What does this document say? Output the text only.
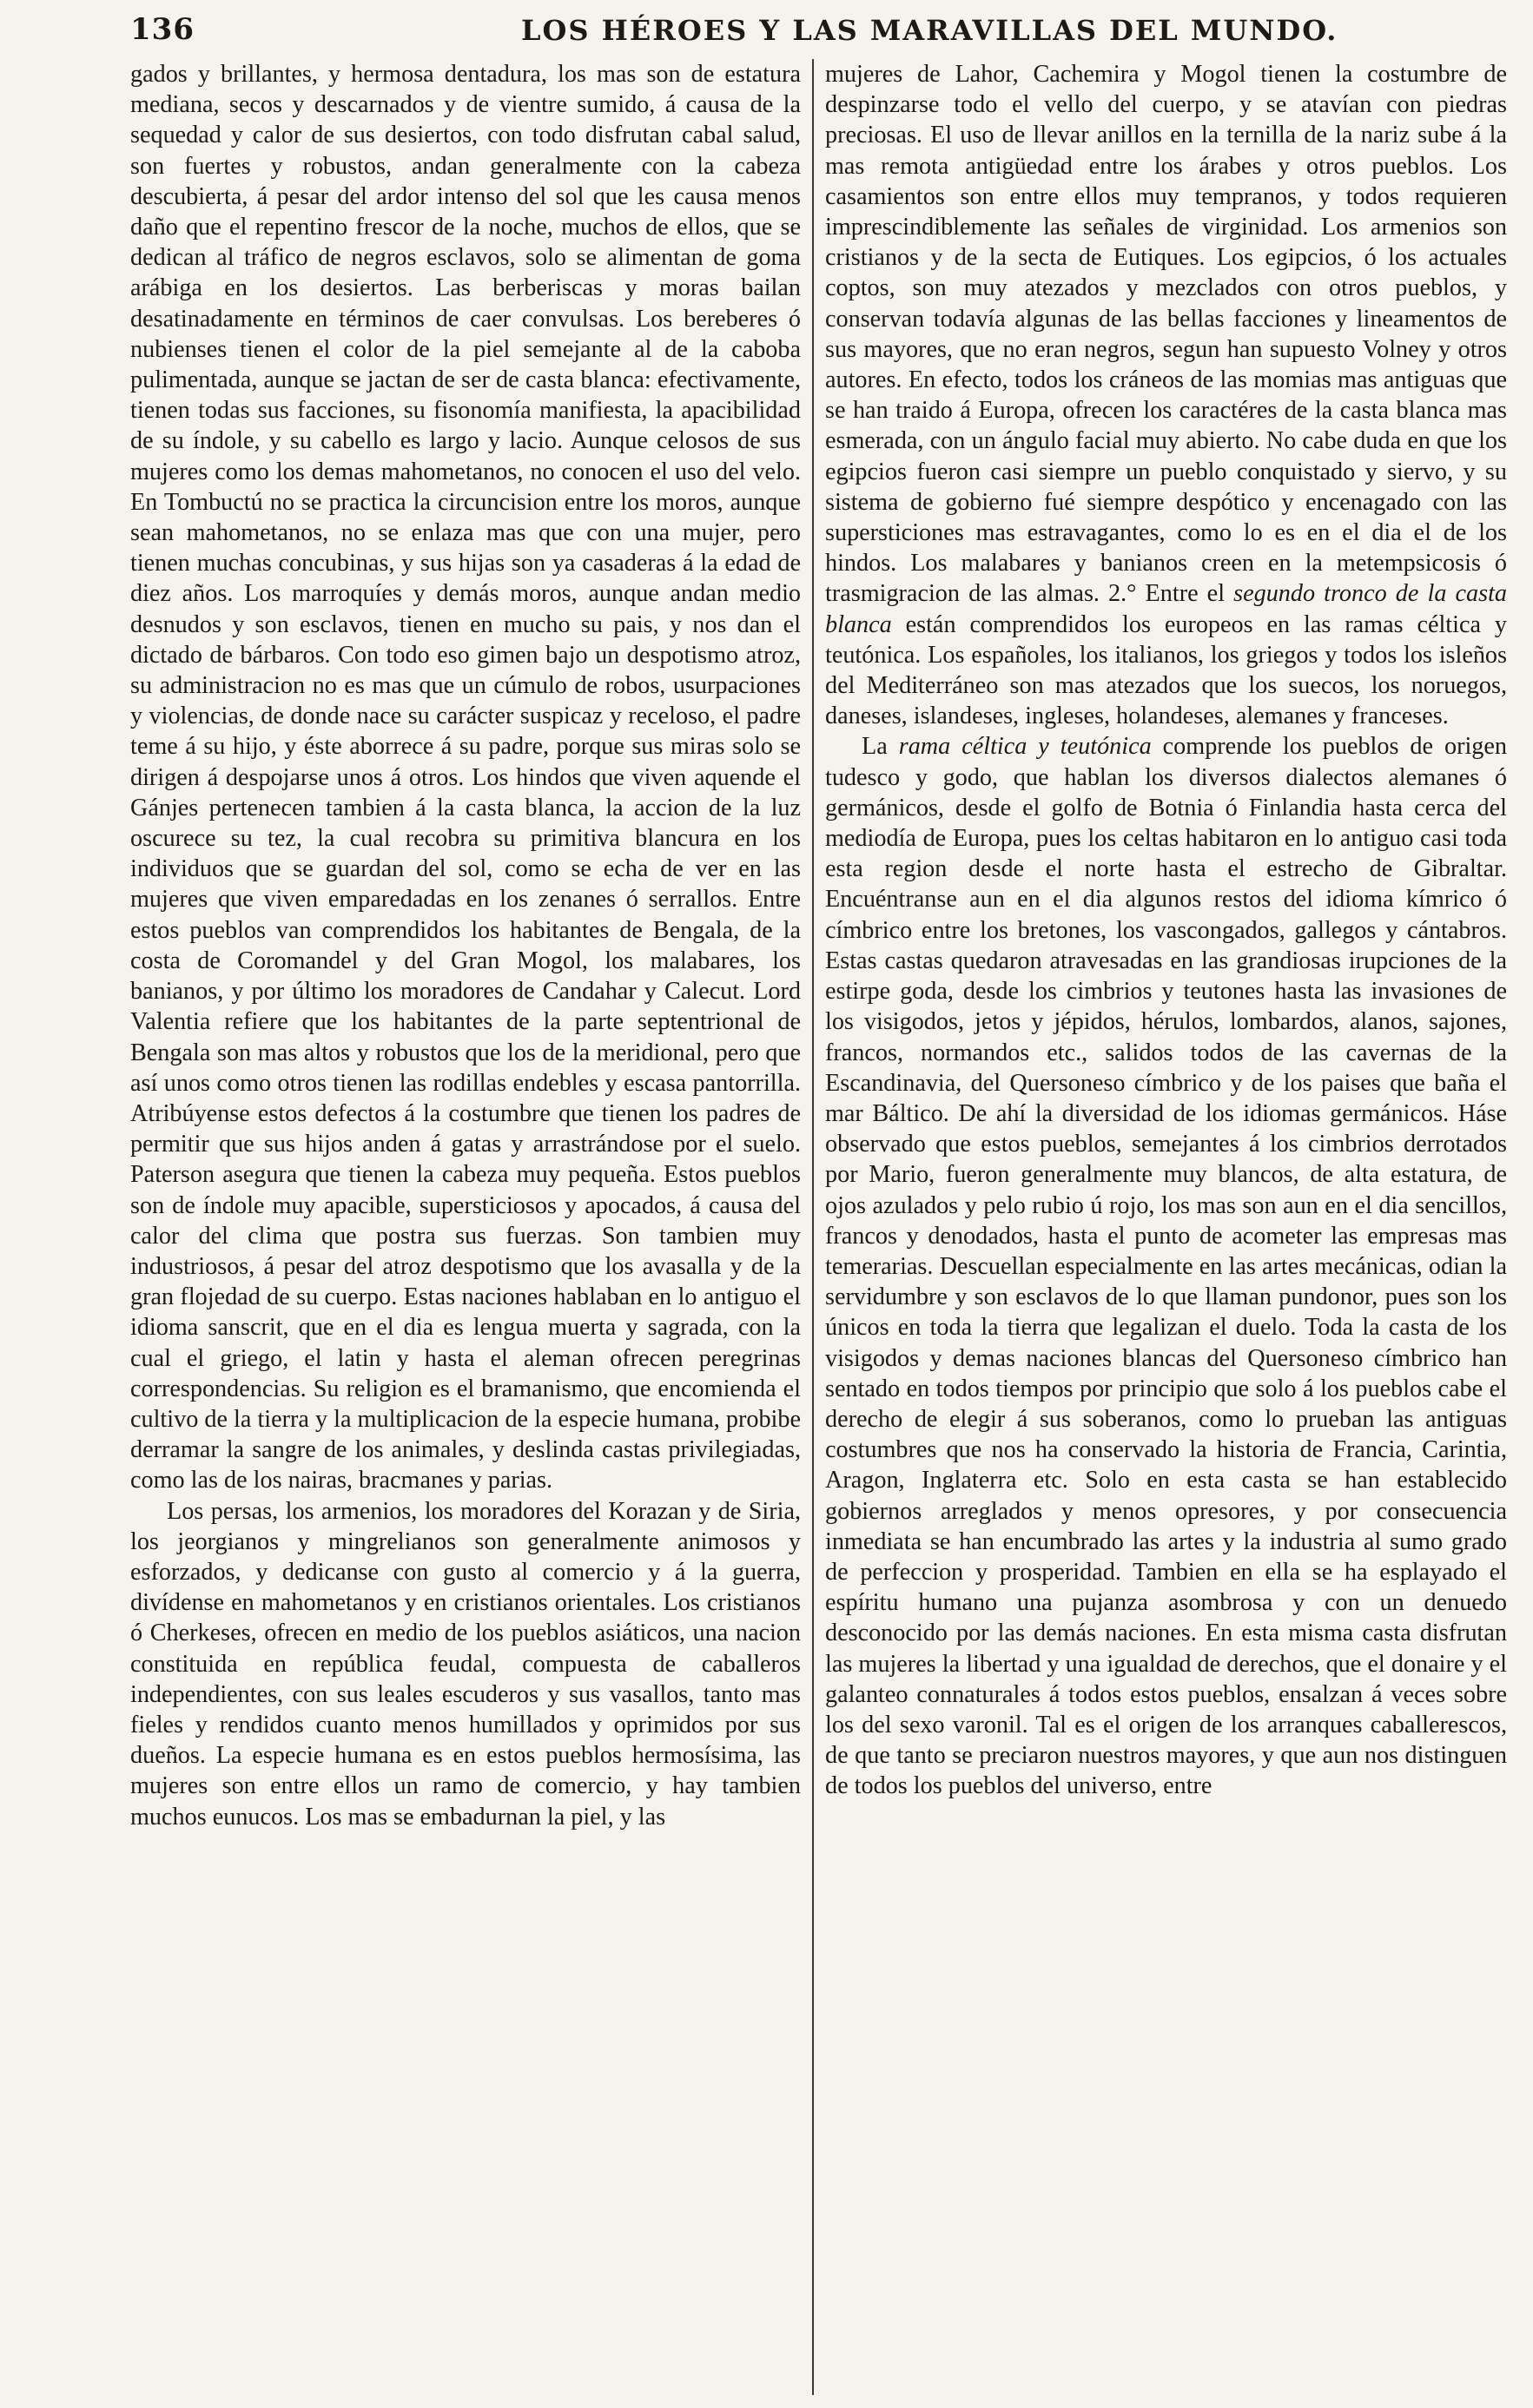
136	LOS HÉROES Y LAS MARAVILLAS DEL MUNDO.

gados y brillantes, y hermosa dentadura, los mas son de estatura mediana, secos y descarnados y de vientre sumido, á causa de la sequedad y calor de sus desiertos, con todo disfrutan cabal salud, son fuertes y robustos, andan generalmente con la cabeza descubierta, á pesar del ardor intenso del sol que les causa menos daño que el repentino frescor de la noche, muchos de ellos, que se dedican al tráfico de negros esclavos, solo se alimentan de goma arábiga en los desiertos. Las berberiscas y moras bailan desatinadamente en términos de caer convulsas. Los bereberes ó nubienses tienen el color de la piel semejante al de la caboba pulimentada, aunque se jactan de ser de casta blanca: efectivamente, tienen todas sus facciones, su fisonomía manifiesta, la apacibilidad de su índole, y su cabello es largo y lacio. Aunque celosos de sus mujeres como los demas mahometanos, no conocen el uso del velo. En Tombuctú no se practica la circuncision entre los moros, aunque sean mahometanos, no se enlaza mas que con una mujer, pero tienen muchas concubinas, y sus hijas son ya casaderas á la edad de diez años. Los marroquíes y demás moros, aunque andan medio desnudos y son esclavos, tienen en mucho su pais, y nos dan el dictado de bárbaros. Con todo eso gimen bajo un despotismo atroz, su administracion no es mas que un cúmulo de robos, usurpaciones y violencias, de donde nace su carácter suspicaz y receloso, el padre teme á su hijo, y éste aborrece á su padre, porque sus miras solo se dirigen á despojarse unos á otros. Los hindos que viven aquende el Gánjes pertenecen tambien á la casta blanca, la accion de la luz oscurece su tez, la cual recobra su primitiva blancura en los individuos que se guardan del sol, como se echa de ver en las mujeres que viven emparedadas en los zenanes ó serrallos. Entre estos pueblos van comprendidos los habitantes de Bengala, de la costa de Coromandel y del Gran Mogol, los malabares, los banianos, y por último los moradores de Candahar y Calecut. Lord Valentia refiere que los habitantes de la parte septentrional de Bengala son mas altos y robustos que los de la meridional, pero que así unos como otros tienen las rodillas endebles y escasa pantorrilla. Atribúyense estos defectos á la costumbre que tienen los padres de permitir que sus hijos anden á gatas y arrastrándose por el suelo. Paterson asegura que tienen la cabeza muy pequeña. Estos pueblos son de índole muy apacible, supersticiosos y apocados, á causa del calor del clima que postra sus fuerzas. Son tambien muy industriosos, á pesar del atroz despotismo que los avasalla y de la gran flojedad de su cuerpo. Estas naciones hablaban en lo antiguo el idioma sanscrit, que en el dia es lengua muerta y sagrada, con la cual el griego, el latin y hasta el aleman ofrecen peregrinas correspondencias. Su religion es el bramanismo, que encomienda el cultivo de la tierra y la multiplicacion de la especie humana, probibe derramar la sangre de los animales, y deslinda castas privilegiadas, como las de los nairas, bracmanes y parias.

Los persas, los armenios, los moradores del Korazan y de Siria, los jeorgianos y mingrelianos son generalmente animosos y esforzados, y dedicanse con gusto al comercio y á la guerra, divídense en mahometanos y en cristianos orientales. Los cristianos ó Cherkeses, ofrecen en medio de los pueblos asiáticos, una nacion constituida en república feudal, compuesta de caballeros independientes, con sus leales escuderos y sus vasallos, tanto mas fieles y rendidos cuanto menos humillados y oprimidos por sus dueños. La especie humana es en estos pueblos hermosísima, las mujeres son entre ellos un ramo de comercio, y hay tambien muchos eunucos. Los mas se embadurnan la piel, y las

mujeres de Lahor, Cachemira y Mogol tienen la costumbre de despinzarse todo el vello del cuerpo, y se atavían con piedras preciosas. El uso de llevar anillos en la ternilla de la nariz sube á la mas remota antigüedad entre los árabes y otros pueblos. Los casamientos son entre ellos muy tempranos, y todos requieren imprescindiblemente las señales de virginidad. Los armenios son cristianos y de la secta de Eutiques. Los egipcios, ó los actuales coptos, son muy atezados y mezclados con otros pueblos, y conservan todavía algunas de las bellas facciones y lineamentos de sus mayores, que no eran negros, segun han supuesto Volney y otros autores. En efecto, todos los cráneos de las momias mas antiguas que se han traido á Europa, ofrecen los caractéres de la casta blanca mas esmerada, con un ángulo facial muy abierto. No cabe duda en que los egipcios fueron casi siempre un pueblo conquistado y siervo, y su sistema de gobierno fué siempre despótico y encenagado con las supersticiones mas estravagantes, como lo es en el dia el de los hindos. Los malabares y banianos creen en la metempsicosis ó trasmigracion de las almas. 2.° Entre el segundo tronco de la casta blanca están comprendidos los europeos en las ramas céltica y teutónica. Los españoles, los italianos, los griegos y todos los isleños del Mediterráneo son mas atezados que los suecos, los noruegos, daneses, islandeses, ingleses, holandeses, alemanes y franceses.

La rama céltica y teutónica comprende los pueblos de origen tudesco y godo, que hablan los diversos dialectos alemanes ó germánicos, desde el golfo de Botnia ó Finlandia hasta cerca del mediodía de Europa, pues los celtas habitaron en lo antiguo casi toda esta region desde el norte hasta el estrecho de Gibraltar. Encuéntranse aun en el dia algunos restos del idioma kímrico ó címbrico entre los bretones, los vascongados, gallegos y cántabros. Estas castas quedaron atravesadas en las grandiosas irupciones de la estirpe goda, desde los cimbrios y teutones hasta las invasiones de los visigodos, jetos y jépidos, hérulos, lombardos, alanos, sajones, francos, normandos etc., salidos todos de las cavernas de la Escandinavia, del Quersoneso címbrico y de los paises que baña el mar Báltico. De ahí la diversidad de los idiomas germánicos. Háse observado que estos pueblos, semejantes á los cimbrios derrotados por Mario, fueron generalmente muy blancos, de alta estatura, de ojos azulados y pelo rubio ú rojo, los mas son aun en el dia sencillos, francos y denodados, hasta el punto de acometer las empresas mas temerarias. Descuellan especialmente en las artes mecánicas, odian la servidumbre y son esclavos de lo que llaman pundonor, pues son los únicos en toda la tierra que legalizan el duelo. Toda la casta de los visigodos y demas naciones blancas del Quersoneso címbrico han sentado en todos tiempos por principio que solo á los pueblos cabe el derecho de elegir á sus soberanos, como lo prueban las antiguas costumbres que nos ha conservado la historia de Francia, Carintia, Aragon, Inglaterra etc. Solo en esta casta se han establecido gobiernos arreglados y menos opresores, y por consecuencia inmediata se han encumbrado las artes y la industria al sumo grado de perfeccion y prosperidad. Tambien en ella se ha esplayado el espíritu humano una pujanza asombrosa y con un denuedo desconocido por las demás naciones. En esta misma casta disfrutan las mujeres la libertad y una igualdad de derechos, que el donaire y el galanteo connaturales á todos estos pueblos, ensalzan á veces sobre los del sexo varonil. Tal es el origen de los arranques caballerescos, de que tanto se preciaron nuestros mayores, y que aun nos distinguen de todos los pueblos del universo, entre
